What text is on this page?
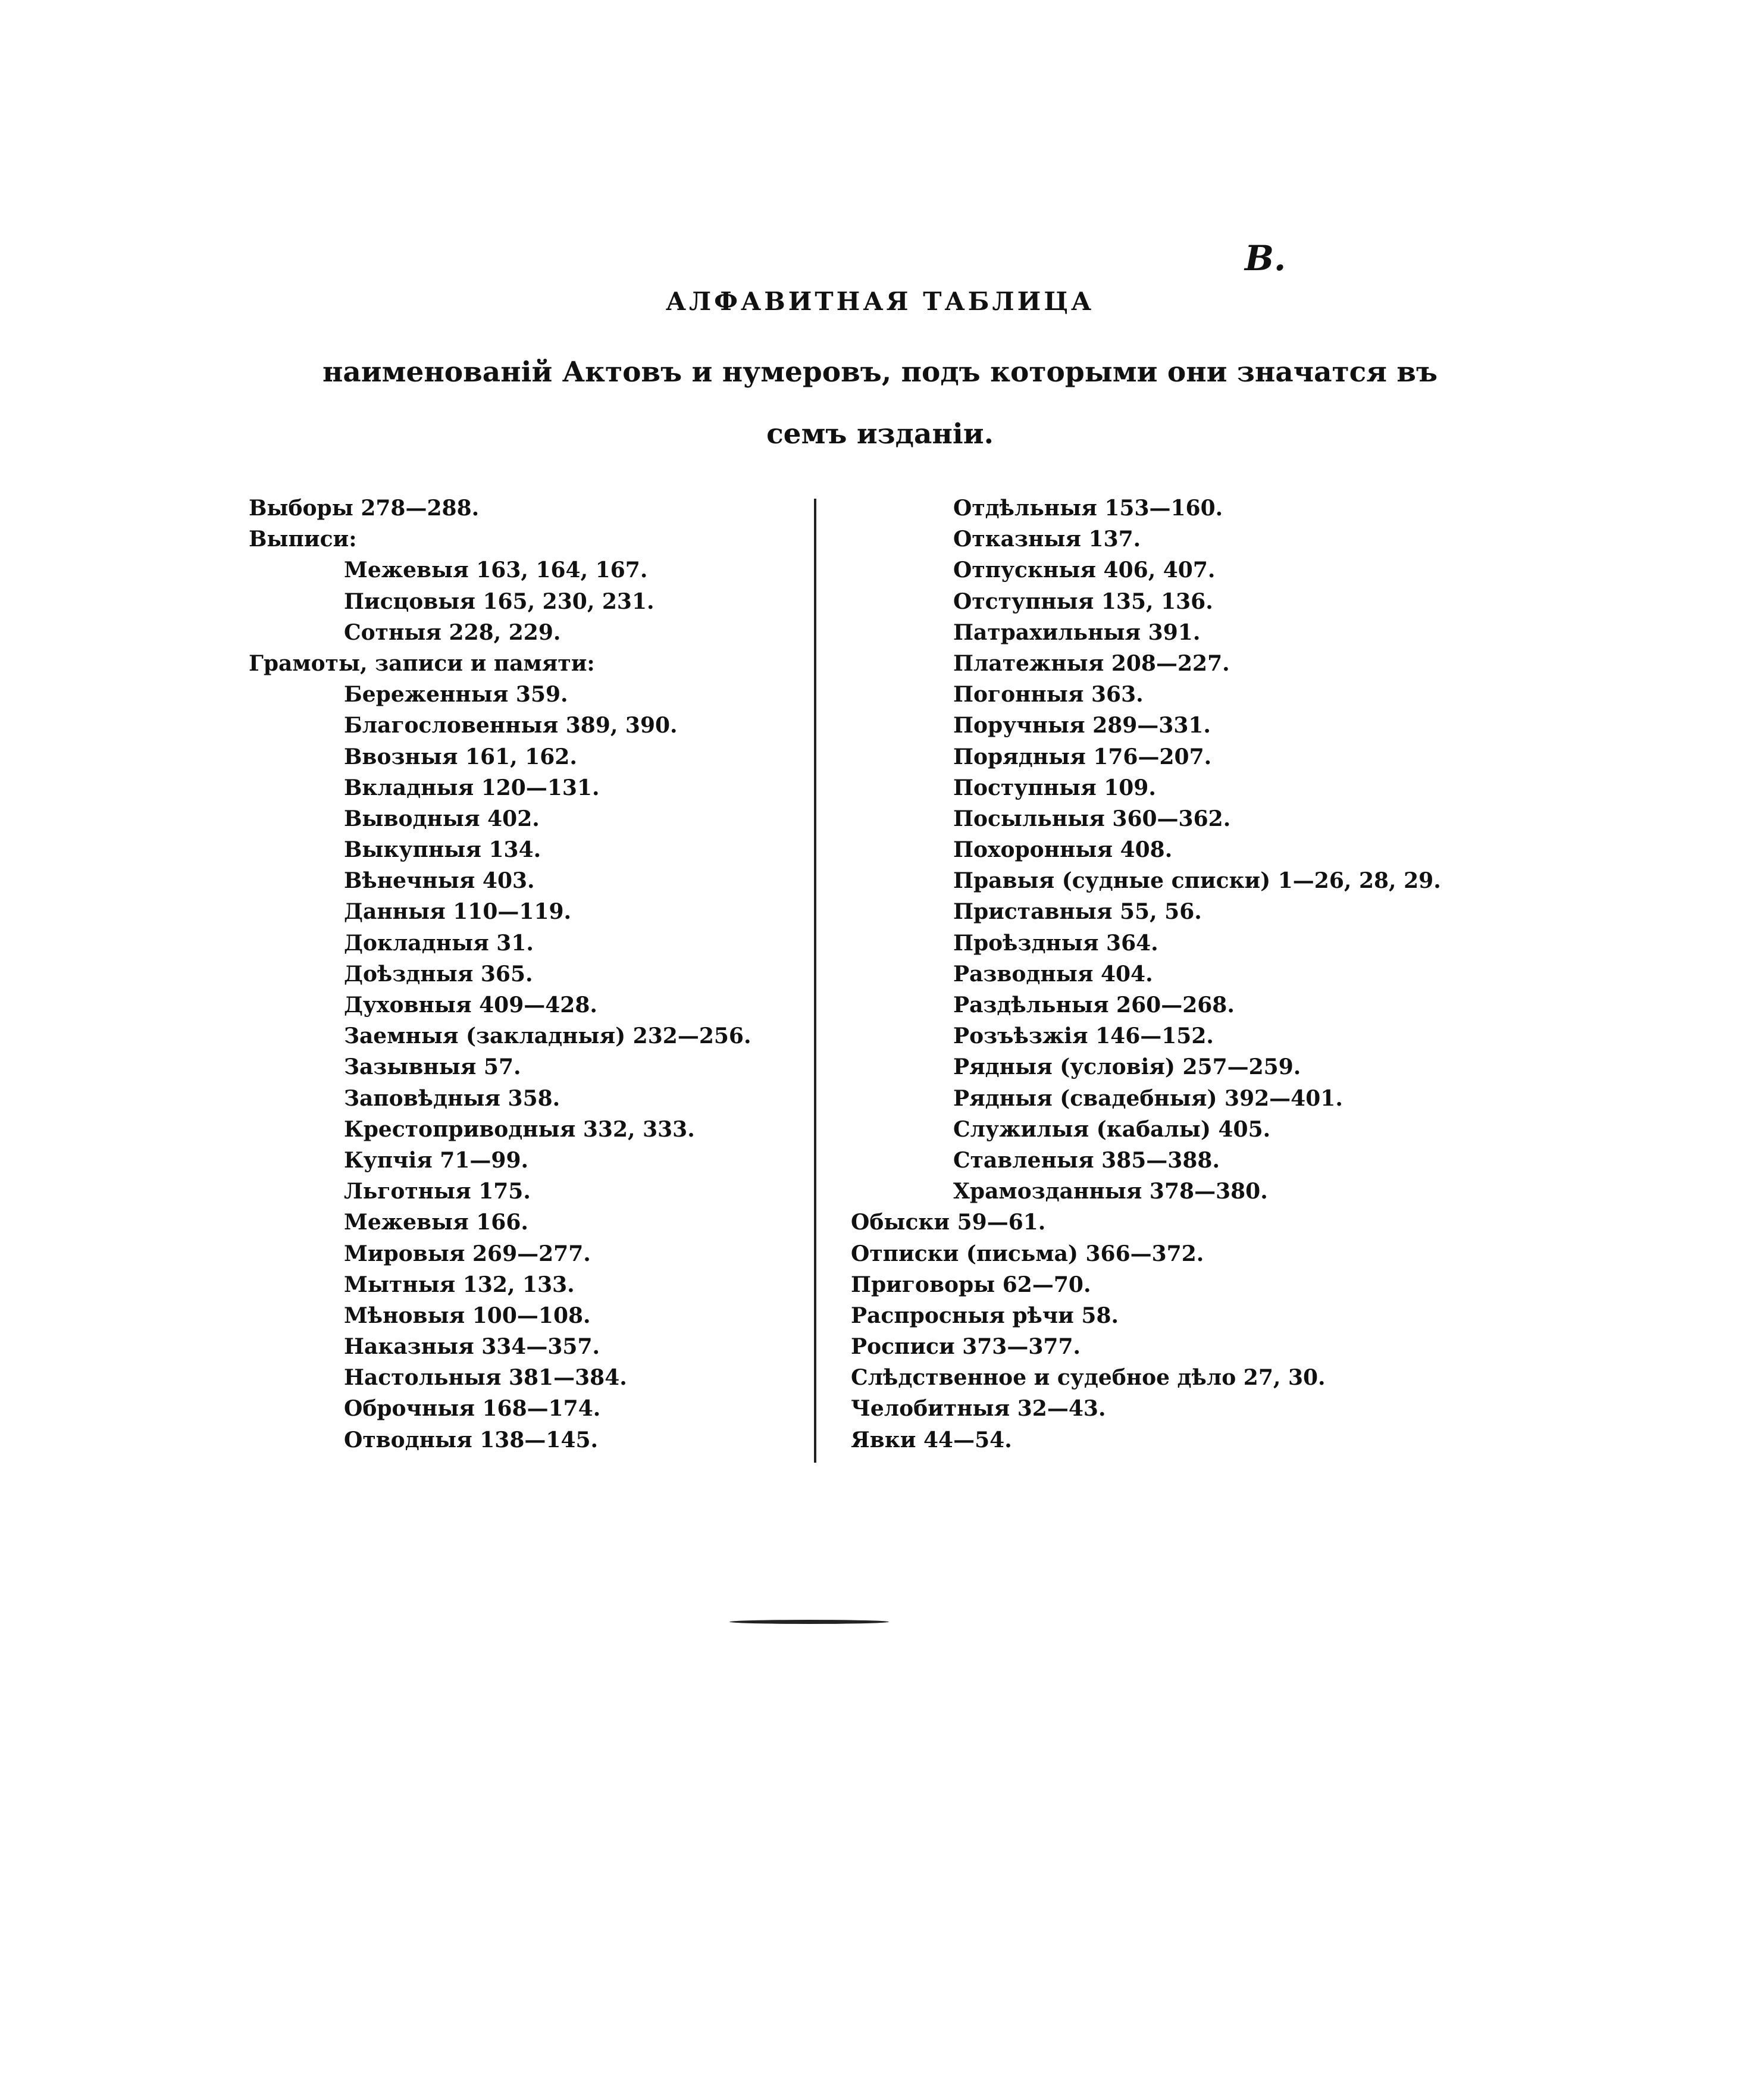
B.
АЛФАВИТНАЯ ТАБЛИЦА
наименованій Актовъ и нумеровъ, подъ которыми они значатся въ
семъ изданіи.
Выборы 278—288.
Выписи:
Межевыя 163, 164, 167.
Писцовыя 165, 230, 231.
Сотныя 228, 229.
Грамоты, записи и памяти:
Береженныя 359.
Благословенныя 389, 390.
Ввозныя 161, 162.
Вкладныя 120—131.
Выводныя 402.
Выкупныя 134.
Вѣнечныя 403.
Данныя 110—119.
Докладныя 31.
Доѣздныя 365.
Духовныя 409—428.
Заемныя (закладныя) 232—256.
Зазывныя 57.
Заповѣдныя 358.
Крестоприводныя 332, 333.
Купчія 71—99.
Льготныя 175.
Межевыя 166.
Мировыя 269—277.
Мытныя 132, 133.
Мѣновыя 100—108.
Наказныя 334—357.
Настольныя 381—384.
Оброчныя 168—174.
Отводныя 138—145.
Отдѣльныя 153—160.
Отказныя 137.
Отпускныя 406, 407.
Отступныя 135, 136.
Патрахильныя 391.
Платежныя 208—227.
Погонныя 363.
Поручныя 289—331.
Порядныя 176—207.
Поступныя 109.
Посыльныя 360—362.
Похоронныя 408.
Правыя (судные списки) 1—26, 28, 29.
Приставныя 55, 56.
Проѣздныя 364.
Разводныя 404.
Раздѣльныя 260—268.
Розъѣзжія 146—152.
Рядныя (условія) 257—259.
Рядныя (свадебныя) 392—401.
Служилыя (кабалы) 405.
Ставленыя 385—388.
Храмозданныя 378—380.
Обыски 59—61.
Отписки (письма) 366—372.
Приговоры 62—70.
Распросныя рѣчи 58.
Росписи 373—377.
Слѣдственное и судебное дѣло 27, 30.
Челобитныя 32—43.
Явки 44—54.
